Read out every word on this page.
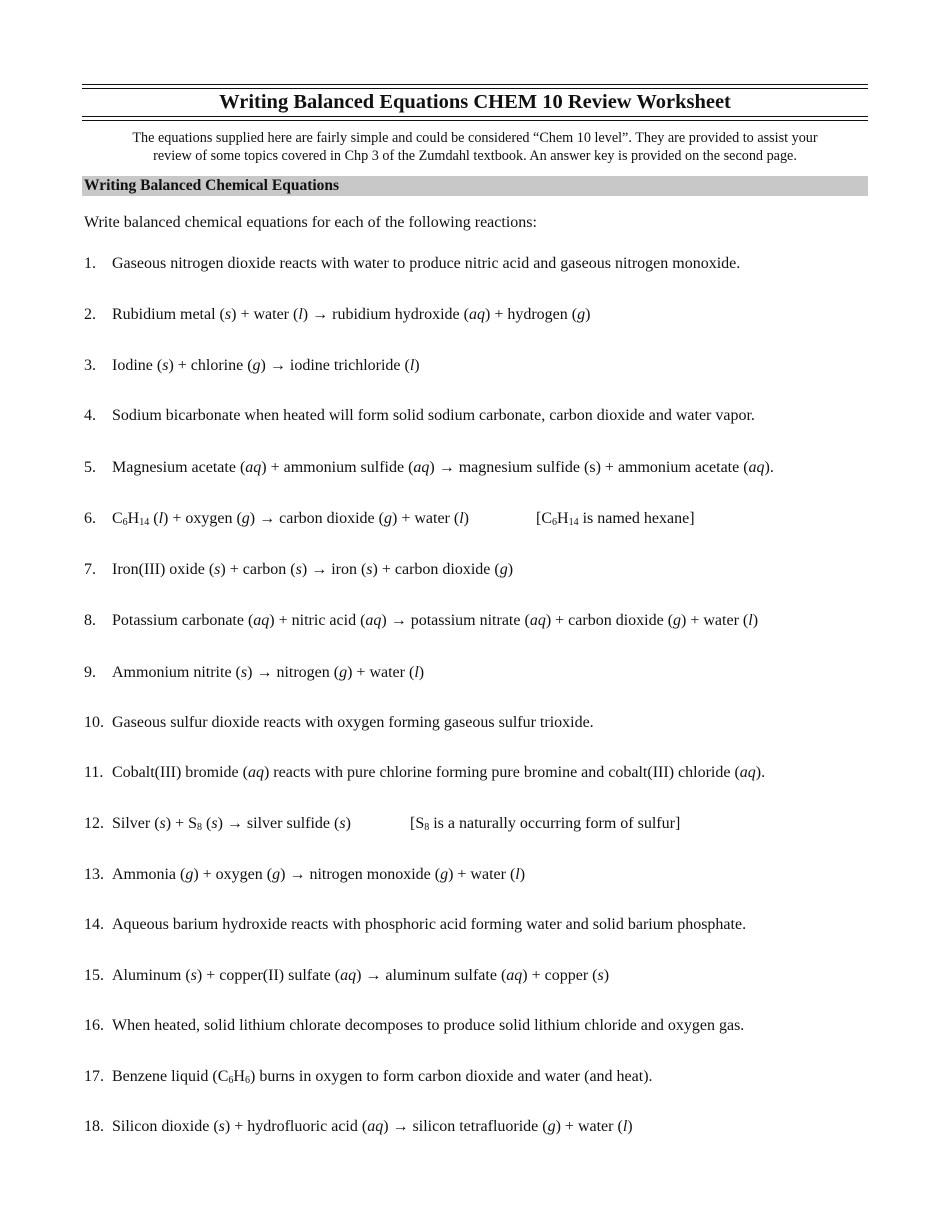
Writing Balanced Equations CHEM 10 Review Worksheet
The equations supplied here are fairly simple and could be considered “Chem 10 level”. They are provided to assist your
review of some topics covered in Chp 3 of the Zumdahl textbook. An answer key is provided on the second page.
Writing Balanced Chemical Equations
Write balanced chemical equations for each of the following reactions:
1. Gaseous nitrogen dioxide reacts with water to produce nitric acid and gaseous nitrogen monoxide.
2. Rubidium metal (s) + water (l) → rubidium hydroxide (aq) + hydrogen (g)
3. Iodine (s) + chlorine (g) → iodine trichloride (l)
4. Sodium bicarbonate when heated will form solid sodium carbonate, carbon dioxide and water vapor.
5. Magnesium acetate (aq) + ammonium sulfide (aq) → magnesium sulfide (s) + ammonium acetate (aq).
6. $C_6H_{14}$ (l) + oxygen (g) → carbon dioxide (g) + water (l)	[$C_6H_{14}$ is named hexane]
7. Iron(III) oxide (s) + carbon (s) → iron (s) + carbon dioxide (g)
8. Potassium carbonate (aq) + nitric acid (aq) → potassium nitrate (aq) + carbon dioxide (g) + water (l)
9. Ammonium nitrite (s) → nitrogen (g) + water (l)
10. Gaseous sulfur dioxide reacts with oxygen forming gaseous sulfur trioxide.
11. Cobalt(III) bromide (aq) reacts with pure chlorine forming pure bromine and cobalt(III) chloride (aq).
12. Silver $(s) + S_8$ (s) → silver sulfide (s)	[$S_8$ is a naturally occurring form of sulfur]
13. Ammonia (g) + oxygen (g) → nitrogen monoxide (g) + water (l)
14. Aqueous barium hydroxide reacts with phosphoric acid forming water and solid barium phosphate.
15. Aluminum (s) + copper(II) sulfate (aq) → aluminum sulfate (aq) + copper (s)
16. When heated, solid lithium chlorate decomposes to produce solid lithium chloride and oxygen gas.
17. Benzene liquid $(C_6H_6)$ burns in oxygen to form carbon dioxide and water (and heat).
18. Silicon dioxide (s) + hydrofluoric acid (aq) → silicon tetrafluoride (g) + water (l)
